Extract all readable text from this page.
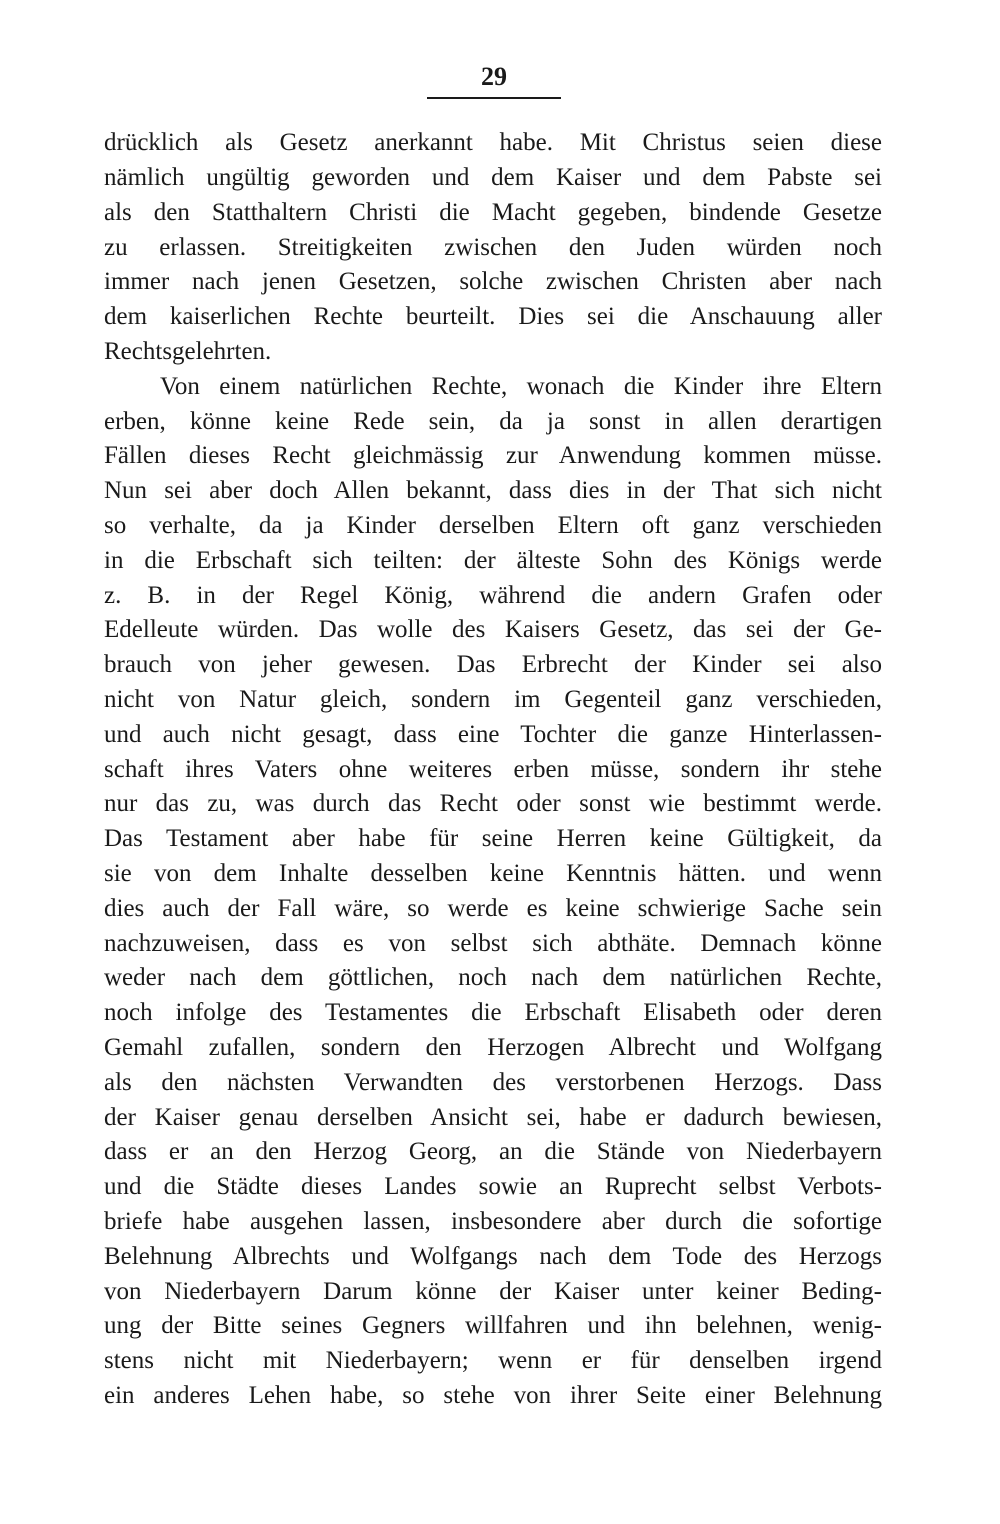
29
drücklich als Gesetz anerkannt habe. Mit Christus seien diese
nämlich ungültig geworden und dem Kaiser und dem Pabste sei
als den Statthaltern Christi die Macht gegeben, bindende Gesetze
zu erlassen. Streitigkeiten zwischen den Juden würden noch
immer nach jenen Gesetzen, solche zwischen Christen aber nach
dem kaiserlichen Rechte beurteilt. Dies sei die Anschauung aller
Rechtsgelehrten.
Von einem natürlichen Rechte, wonach die Kinder ihre Eltern
erben, könne keine Rede sein, da ja sonst in allen derartigen
Fällen dieses Recht gleichmässig zur Anwendung kommen müsse.
Nun sei aber doch Allen bekannt, dass dies in der That sich nicht
so verhalte, da ja Kinder derselben Eltern oft ganz verschieden
in die Erbschaft sich teilten: der älteste Sohn des Königs werde
z. B. in der Regel König, während die andern Grafen oder
Edelleute würden. Das wolle des Kaisers Gesetz, das sei der Ge-
brauch von jeher gewesen. Das Erbrecht der Kinder sei also
nicht von Natur gleich, sondern im Gegenteil ganz verschieden,
und auch nicht gesagt, dass eine Tochter die ganze Hinterlassen-
schaft ihres Vaters ohne weiteres erben müsse, sondern ihr stehe
nur das zu, was durch das Recht oder sonst wie bestimmt werde.
Das Testament aber habe für seine Herren keine Gültigkeit, da
sie von dem Inhalte desselben keine Kenntnis hätten. und wenn
dies auch der Fall wäre, so werde es keine schwierige Sache sein
nachzuweisen, dass es von selbst sich abthäte. Demnach könne
weder nach dem göttlichen, noch nach dem natürlichen Rechte,
noch infolge des Testamentes die Erbschaft Elisabeth oder deren
Gemahl zufallen, sondern den Herzogen Albrecht und Wolfgang
als den nächsten Verwandten des verstorbenen Herzogs. Dass
der Kaiser genau derselben Ansicht sei, habe er dadurch bewiesen,
dass er an den Herzog Georg, an die Stände von Niederbayern
und die Städte dieses Landes sowie an Ruprecht selbst Verbots-
briefe habe ausgehen lassen, insbesondere aber durch die sofortige
Belehnung Albrechts und Wolfgangs nach dem Tode des Herzogs
von Niederbayern Darum könne der Kaiser unter keiner Beding-
ung der Bitte seines Gegners willfahren und ihn belehnen, wenig-
stens nicht mit Niederbayern; wenn er für denselben irgend
ein anderes Lehen habe, so stehe von ihrer Seite einer Belehnung
